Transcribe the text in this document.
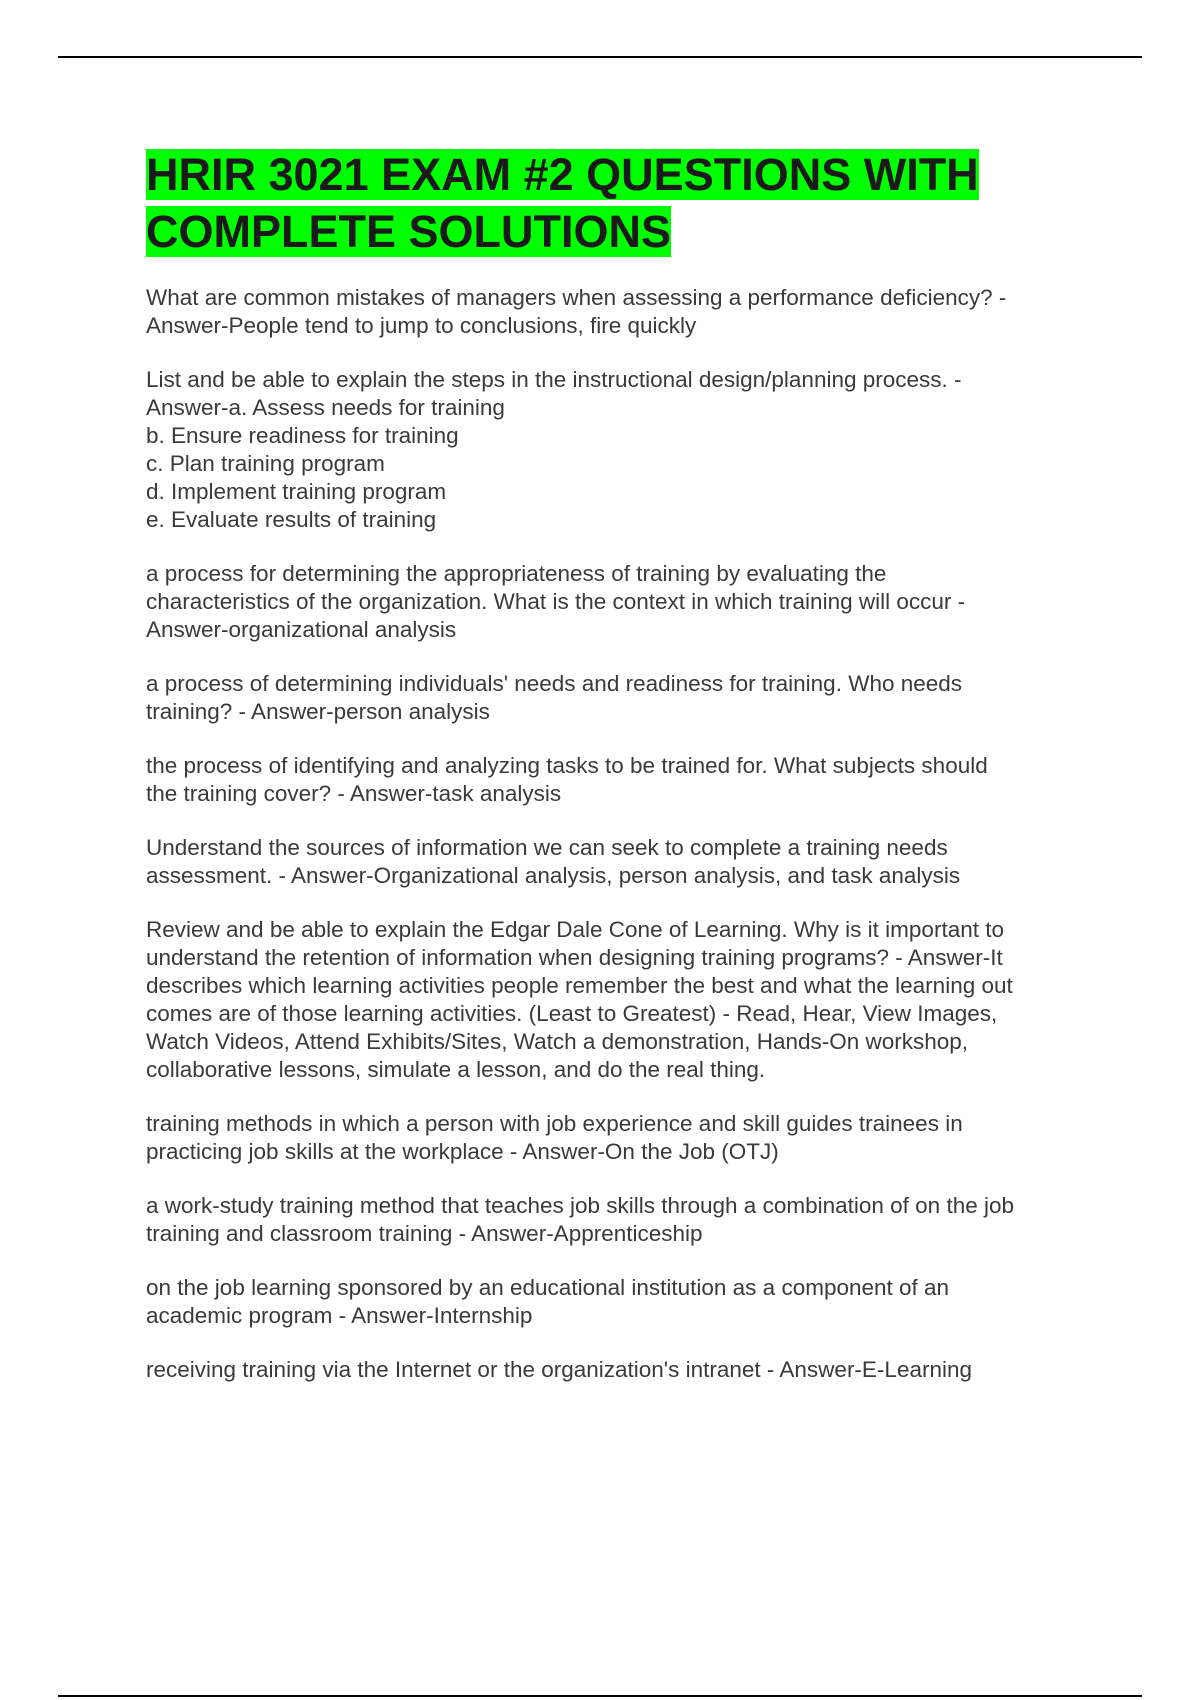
HRIR 3021 EXAM #2 QUESTIONS WITH COMPLETE SOLUTIONS

What are common mistakes of managers when assessing a performance deficiency? -
Answer-People tend to jump to conclusions, fire quickly

List and be able to explain the steps in the instructional design/planning process. -
Answer-a. Assess needs for training
b. Ensure readiness for training
c. Plan training program
d. Implement training program
e. Evaluate results of training

a process for determining the appropriateness of training by evaluating the
characteristics of the organization. What is the context in which training will occur -
Answer-organizational analysis

a process of determining individuals' needs and readiness for training. Who needs
training? - Answer-person analysis

the process of identifying and analyzing tasks to be trained for. What subjects should
the training cover? - Answer-task analysis

Understand the sources of information we can seek to complete a training needs
assessment. - Answer-Organizational analysis, person analysis, and task analysis

Review and be able to explain the Edgar Dale Cone of Learning. Why is it important to
understand the retention of information when designing training programs? - Answer-It
describes which learning activities people remember the best and what the learning out
comes are of those learning activities. (Least to Greatest) - Read, Hear, View Images,
Watch Videos, Attend Exhibits/Sites, Watch a demonstration, Hands-On workshop,
collaborative lessons, simulate a lesson, and do the real thing.

training methods in which a person with job experience and skill guides trainees in
practicing job skills at the workplace - Answer-On the Job (OTJ)

a work-study training method that teaches job skills through a combination of on the job
training and classroom training - Answer-Apprenticeship

on the job learning sponsored by an educational institution as a component of an
academic program - Answer-Internship

receiving training via the Internet or the organization's intranet - Answer-E-Learning
